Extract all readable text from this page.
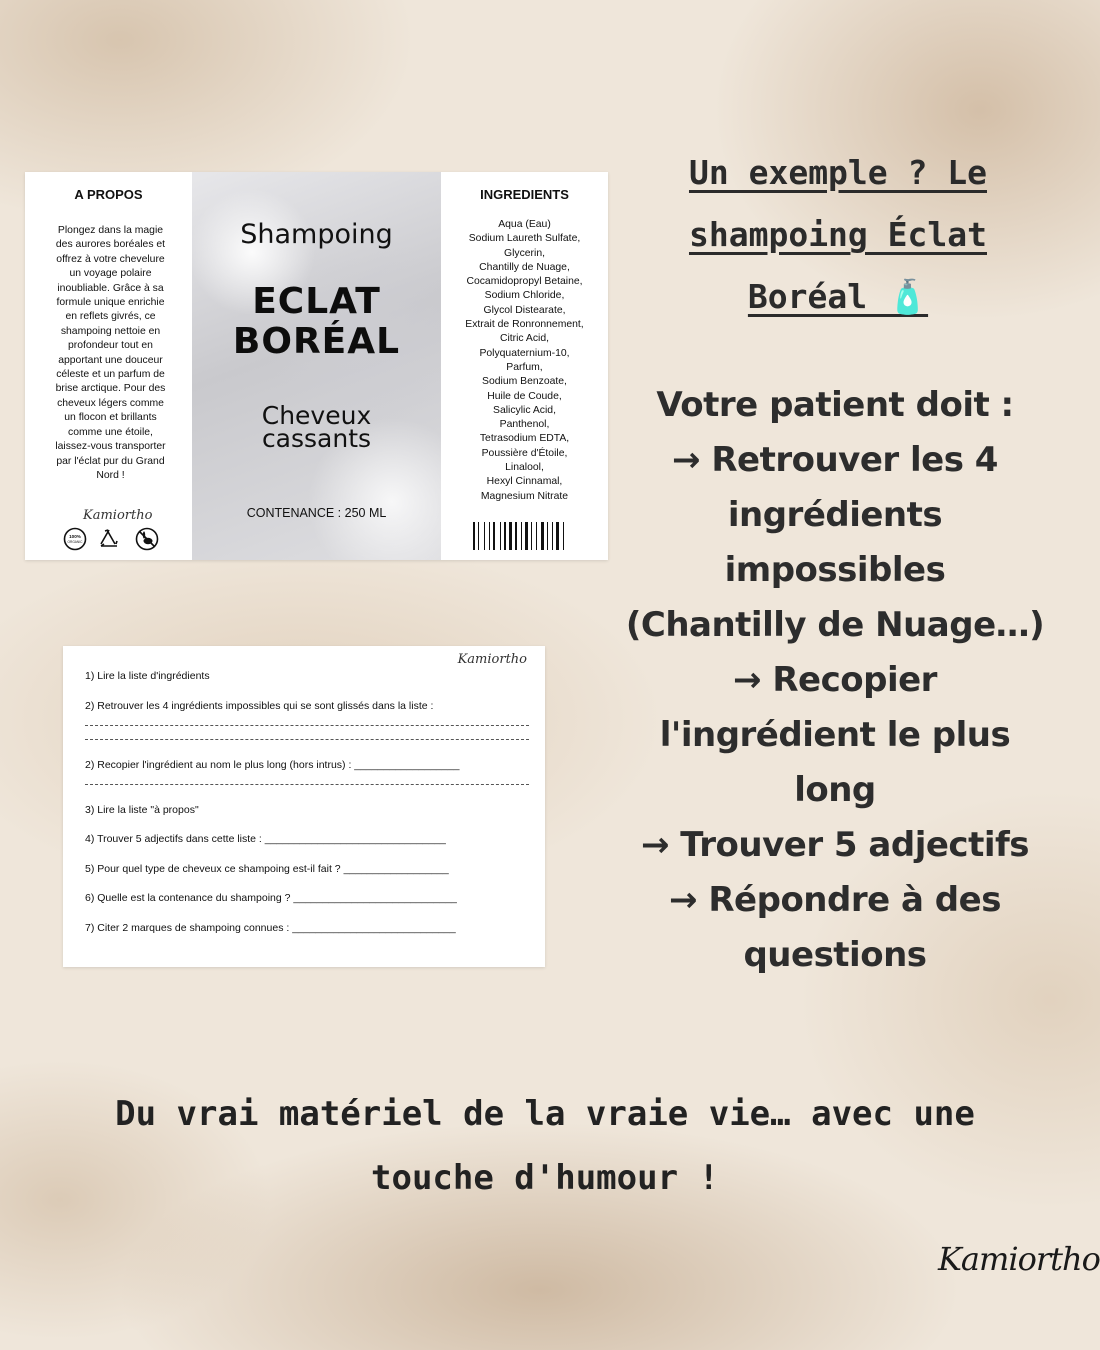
A PROPOS
Plongez dans la magie
des aurores boréales et
offrez à votre chevelure
un voyage polaire
inoubliable. Grâce à sa
formule unique enrichie
en reflets givrés, ce
shampoing nettoie en
profondeur tout en
apportant une douceur
céleste et un parfum de
brise arctique. Pour des
cheveux légers comme
un flocon et brillants
comme une étoile,
laissez-vous transporter
par l'éclat pur du Grand
Nord !
Kamiortho
100%
ORGANIC
Shampoing
ECLAT
BORÉAL
Cheveux
cassants
CONTENANCE : 250 ML
INGREDIENTS
Aqua (Eau)
Sodium Laureth Sulfate,
Glycerin,
Chantilly de Nuage,
Cocamidopropyl Betaine,
Sodium Chloride,
Glycol Distearate,
Extrait de Ronronnement,
Citric Acid,
Polyquaternium-10,
Parfum,
Sodium Benzoate,
Huile de Coude,
Salicylic Acid,
Panthenol,
Tetrasodium EDTA,
Poussière d'Étoile,
Linalool,
Hexyl Cinnamal,
Magnesium Nitrate
Kamiortho
1) Lire la liste d'ingrédients
2) Retrouver les 4 ingrédients impossibles qui se sont glissés dans la liste :
2) Recopier l'ingrédient au nom le plus long (hors intrus) : __________________
3) Lire la liste "à propos"
4) Trouver 5 adjectifs dans cette liste : _______________________________
5) Pour quel type de cheveux ce shampoing est-il fait ? __________________
6) Quelle est la contenance du shampoing ? ____________________________
7) Citer 2 marques de shampoing connues : ____________________________
Un exemple ? Le
shampoing Éclat
Boréal 🧴
Votre patient doit :
→ Retrouver les 4
ingrédients
impossibles
(Chantilly de Nuage…)
→ Recopier
l'ingrédient le plus
long
→ Trouver 5 adjectifs
→ Répondre à des
questions
Du vrai matériel de la vraie vie… avec une
touche d'humour !
Kamiortho
